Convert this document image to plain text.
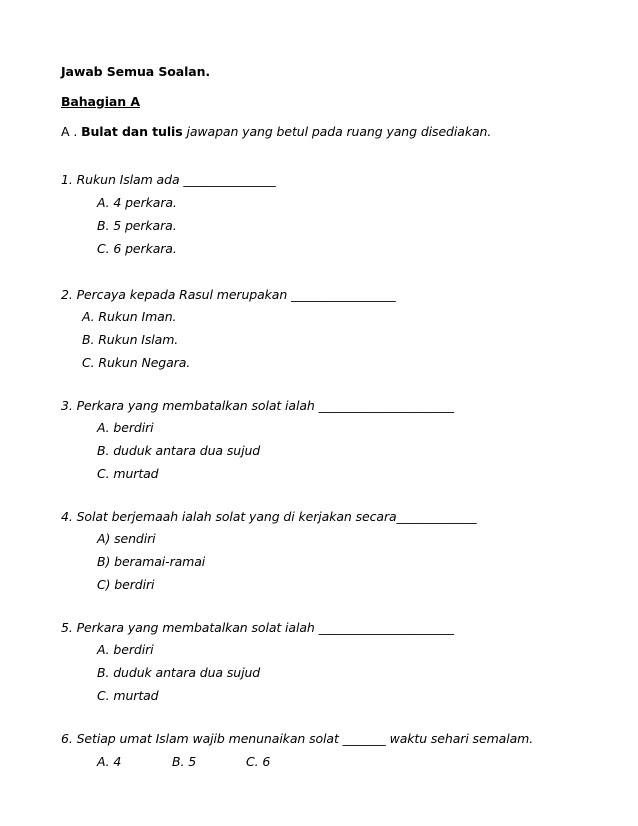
Jawab Semua Soalan.
Bahagian A
A . Bulat dan tulis jawapan yang betul pada ruang yang disediakan.
1. Rukun Islam ada _______________
A. 4 perkara.
B. 5 perkara.
C. 6 perkara.
2. Percaya kepada Rasul merupakan _________________
A. Rukun Iman.
B. Rukun Islam.
C. Rukun Negara.
3. Perkara yang membatalkan solat ialah ______________________
A. berdiri
B. duduk antara dua sujud
C. murtad
4. Solat berjemaah ialah solat yang di kerjakan secara_____________
A) sendiri
B) beramai-ramai
C) berdiri
5. Perkara yang membatalkan solat ialah ______________________
A. berdiri
B. duduk antara dua sujud
C. murtad
6. Setiap umat Islam wajib menunaikan solat _______ waktu sehari semalam.
A. 4	B. 5	C. 6
